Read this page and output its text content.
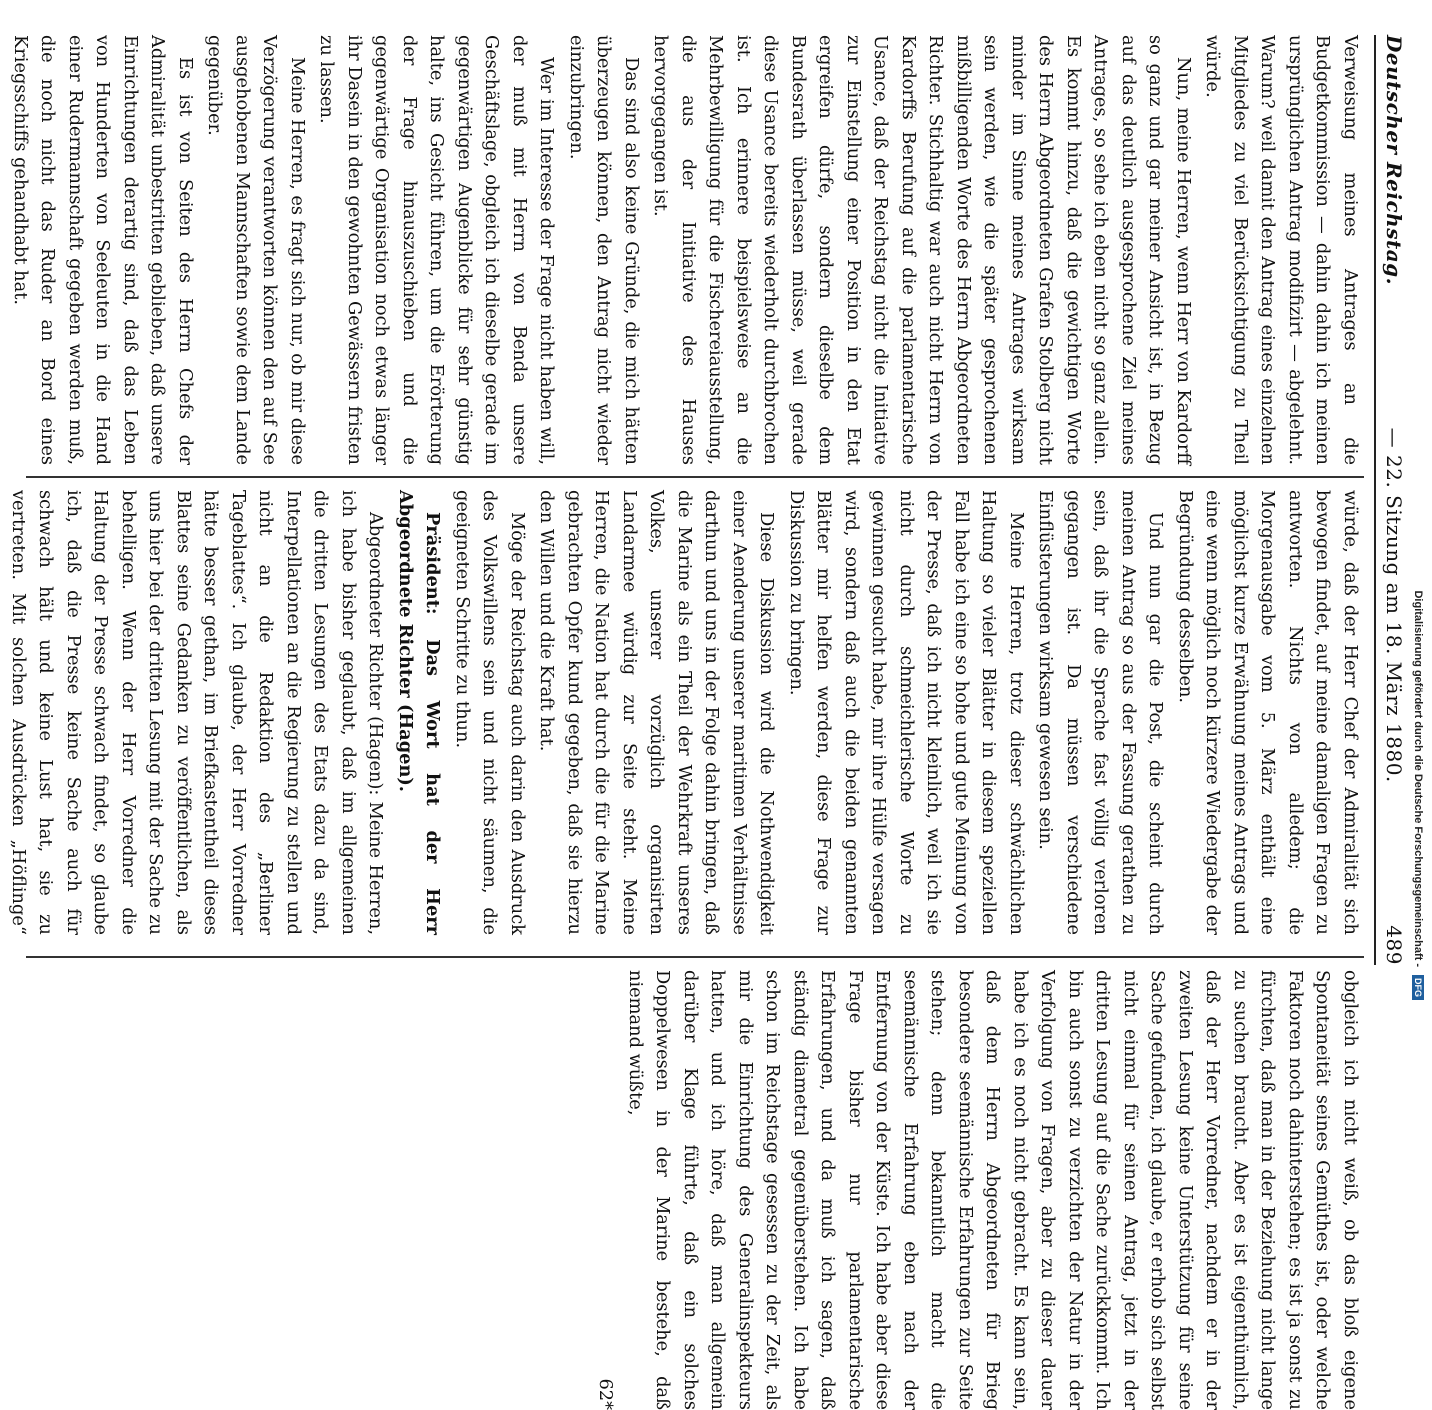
Deutscher Reichstag.
— 22. Sitzung am 18. März 1880.
489

Verweisung meines Antrages an die Budgetkommission — dahin dahin ich meinen ursprünglichen Antrag modifizirt — abgelehnt. Warum? weil damit den Antrag eines einzelnen Mitgliedes zu viel Berücksichtigung zu Theil würde.

Nun, meine Herren, wenn Herr von Kardorff so ganz und gar meiner Ansicht ist, in Bezug auf das deutlich ausgesprochene Ziel meines Antrages, so sehe ich eben nicht so ganz allein. Es kommt hinzu, daß die gewichtigen Worte des Herrn Abgeordneten Grafen Stolberg nicht minder im Sinne meines Antrages wirksam sein werden, wie die später gesprochenen mißbilligenden Worte des Herrn Abgeordneten Richter. Stichhaltig war auch nicht Herrn von Kardorffs Berufung auf die parlamentarische Usance, daß der Reichstag nicht die Initiative zur Einstellung einer Position in den Etat ergreifen dürfe, sondern dieselbe dem Bundesrath überlassen müsse, weil gerade diese Usance bereits wiederholt durchbrochen ist. Ich erinnere beispielsweise an die Mehrbewilligung für die Fischereiausstellung, die aus der Initiative des Hauses hervorgegangen ist.

Das sind also keine Gründe, die mich hätten überzeugen können, den Antrag nicht wieder einzubringen.

Wer im Interesse der Frage nicht haben will, der muß mit Herrn von Benda unsere Geschäftslage, obgleich ich dieselbe gerade im gegenwärtigen Augenblicke für sehr günstig halte, ins Gesicht führen, um die Erörterung der Frage hinauszuschieben und die gegenwärtige Organisation noch etwas länger ihr Dasein in den gewohnten Gewässern fristen zu lassen.

Meine Herren, es fragt sich nur, ob mir diese Verzögerung verantworten können den auf See ausgehobenen Mannschaften sowie dem Lande gegenüber.

Es ist von Seiten des Herrn Chefs der Admiralität unbestritten geblieben, daß unsere Einrichtungen derartig sind, daß das Leben von Hunderten von Seeleuten in die Hand einer Rudermannschaft gegeben werden muß, die noch nicht das Ruder an Bord eines Kriegsschiffs gehandhabt hat.

würde, daß der Herr Chef der Admiralität sich bewogen findet, auf meine damaligen Fragen zu antworten. Nichts von alledem; die Morgenausgabe vom 5. März enthält eine möglichst kurze Erwähnung meines Antrags und eine wenn möglich noch kürzere Wiedergabe der Begründung desselben.

Und nun gar die Post, die scheint durch meinen Antrag so aus der Fassung gerathen zu sein, daß ihr die Sprache fast völlig verloren gegangen ist. Da müssen verschiedene Einflüsterungen wirksam gewesen sein.

Meine Herren, trotz dieser schwächlichen Haltung so vieler Blätter in diesem speziellen Fall habe ich eine so hohe und gute Meinung von der Presse, daß ich nicht kleinlich, weil ich sie nicht durch schmeichlerische Worte zu gewinnen gesucht habe, mir ihre Hülfe versagen wird, sondern daß auch die beiden genannten Blätter mir helfen werden, diese Frage zur Diskussion zu bringen.

Diese Diskussion wird die Nothwendigkeit einer Aenderung unserer maritimen Verhältnisse darthun und uns in der Folge dahin bringen, daß die Marine als ein Theil der Wehrkraft unseres Volkes, unserer vorzüglich organisirten Landarmee würdig zur Seite steht. Meine Herren, die Nation hat durch die für die Marine gebrachten Opfer kund gegeben, daß sie hierzu den Willen und die Kraft hat.

Möge der Reichstag auch darin den Ausdruck des Volkswillens sein und nicht säumen, die geeigneten Schritte zu thun.

Präsident: Das Wort hat der Herr Abgeordnete Richter (Hagen).

Abgeordneter Richter (Hagen): Meine Herren, ich habe bisher geglaubt, daß im allgemeinen die dritten Lesungen des Etats dazu da sind, Interpellationen an die Regierung zu stellen und nicht an die Redaktion des „Berliner Tageblattes“. Ich glaube, der Herr Vorredner hätte besser gethan, im Briefkastentheil dieses Blattes seine Gedanken zu veröffentlichen, als uns hier bei der dritten Lesung mit der Sache zu behelligen. Wenn der Herr Vorredner die Haltung der Presse schwach findet, so glaube ich, daß die Presse keine Sache auch für schwach hält und keine Lust hat, sie zu vertreten. Mit solchen Ausdrücken „Höflinge“

obgleich ich nicht weiß, ob das bloß eigene Spontaneität seines Gemüthes ist, oder welche Faktoren noch dahinterstehen; es ist ja sonst zu fürchten, daß man in der Beziehung nicht lange zu suchen braucht. Aber es ist eigenthümlich, daß der Herr Vorredner, nachdem er in der zweiten Lesung keine Unterstützung für seine Sache gefunden, ich glaube, er erhob sich selbst nicht einmal für seinen Antrag, jetzt in der dritten Lesung auf die Sache zurückkommt. Ich bin auch sonst zu verzichten der Natur in der Verfolgung von Fragen, aber zu dieser dauer habe ich es noch nicht gebracht. Es kann sein, daß dem Herrn Abgeordneten für Brieg besondere seemännische Erfahrungen zur Seite stehen; denn bekanntlich macht die seemännische Erfahrung eben nach der Entfernung von der Küste. Ich habe aber diese Frage bisher nur parlamentarische Erfahrungen, und da muß ich sagen, daß ständig diametral gegenüberstehen. Ich habe schon im Reichstage gesessen zu der Zeit, als mir die Einrichtung des Generalinspekteurs hatten, und ich höre, daß man allgemein darüber Klage führte, daß ein solches Doppelwesen in der Marine bestehe, daß niemand wüßte,

62*

Digitalisierung gefördert durch die Deutsche Forschungsgemeinschaft -
DFG
